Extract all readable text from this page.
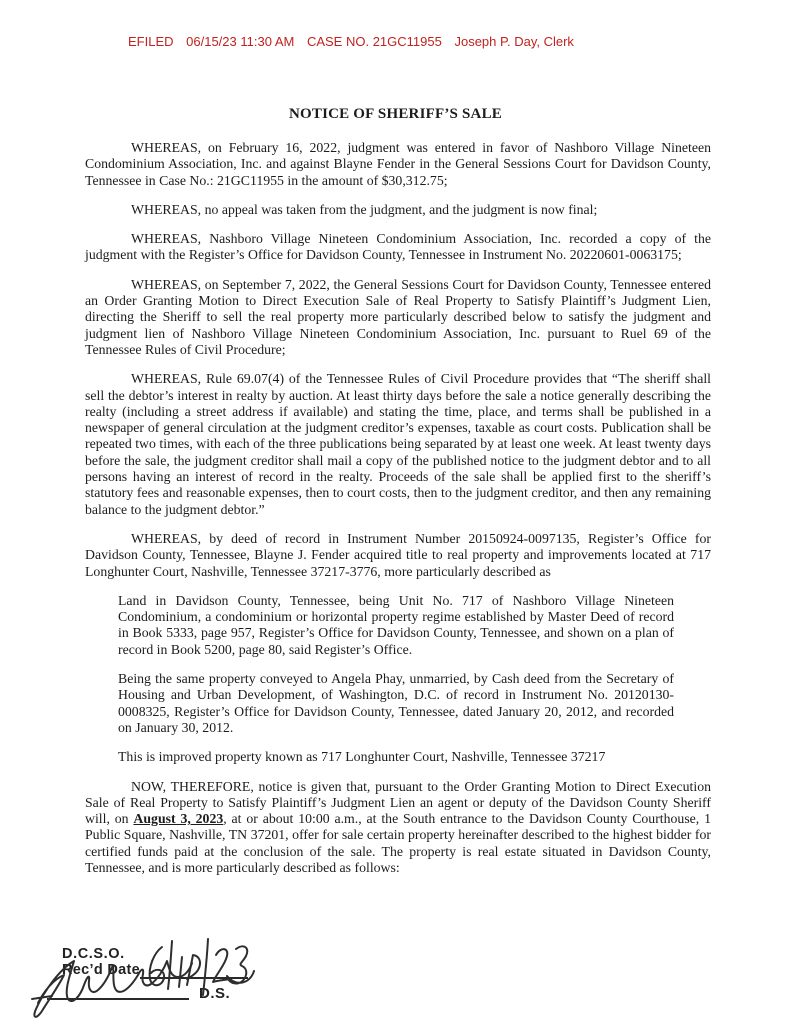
EFILED 06/15/23 11:30 AM CASE NO. 21GC11955 Joseph P. Day, Clerk
NOTICE OF SHERIFF’S SALE

WHEREAS, on February 16, 2022, judgment was entered in favor of Nashboro Village Nineteen Condominium Association, Inc. and against Blayne Fender in the General Sessions Court for Davidson County, Tennessee in Case No.: 21GC11955 in the amount of $30,312.75;

WHEREAS, no appeal was taken from the judgment, and the judgment is now final;

WHEREAS, Nashboro Village Nineteen Condominium Association, Inc. recorded a copy of the judgment with the Register’s Office for Davidson County, Tennessee in Instrument No. 20220601-0063175;

WHEREAS, on September 7, 2022, the General Sessions Court for Davidson County, Tennessee entered an Order Granting Motion to Direct Execution Sale of Real Property to Satisfy Plaintiff’s Judgment Lien, directing the Sheriff to sell the real property more particularly described below to satisfy the judgment and judgment lien of Nashboro Village Nineteen Condominium Association, Inc. pursuant to Ruel 69 of the Tennessee Rules of Civil Procedure;

WHEREAS, Rule 69.07(4) of the Tennessee Rules of Civil Procedure provides that “The sheriff shall sell the debtor’s interest in realty by auction. At least thirty days before the sale a notice generally describing the realty (including a street address if available) and stating the time, place, and terms shall be published in a newspaper of general circulation at the judgment creditor’s expenses, taxable as court costs. Publication shall be repeated two times, with each of the three publications being separated by at least one week. At least twenty days before the sale, the judgment creditor shall mail a copy of the published notice to the judgment debtor and to all persons having an interest of record in the realty. Proceeds of the sale shall be applied first to the sheriff’s statutory fees and reasonable expenses, then to court costs, then to the judgment creditor, and then any remaining balance to the judgment debtor.”

WHEREAS, by deed of record in Instrument Number 20150924-0097135, Register’s Office for Davidson County, Tennessee, Blayne J. Fender acquired title to real property and improvements located at 717 Longhunter Court, Nashville, Tennessee 37217-3776, more particularly described as

Land in Davidson County, Tennessee, being Unit No. 717 of Nashboro Village Nineteen Condominium, a condominium or horizontal property regime established by Master Deed of record in Book 5333, page 957, Register’s Office for Davidson County, Tennessee, and shown on a plan of record in Book 5200, page 80, said Register’s Office.

Being the same property conveyed to Angela Phay, unmarried, by Cash deed from the Secretary of Housing and Urban Development, of Washington, D.C. of record in Instrument No. 20120130-0008325, Register’s Office for Davidson County, Tennessee, dated January 20, 2012, and recorded on January 30, 2012.

This is improved property known as 717 Longhunter Court, Nashville, Tennessee 37217

NOW, THEREFORE, notice is given that, pursuant to the Order Granting Motion to Direct Execution Sale of Real Property to Satisfy Plaintiff’s Judgment Lien an agent or deputy of the Davidson County Sheriff will, on August 3, 2023, at or about 10:00 a.m., at the South entrance to the Davidson County Courthouse, 1 Public Square, Nashville, TN 37201, offer for sale certain property hereinafter described to the highest bidder for certified funds paid at the conclusion of the sale. The property is real estate situated in Davidson County, Tennessee, and is more particularly described as follows:

D.C.S.O.
Rec’d Date
D.S.
